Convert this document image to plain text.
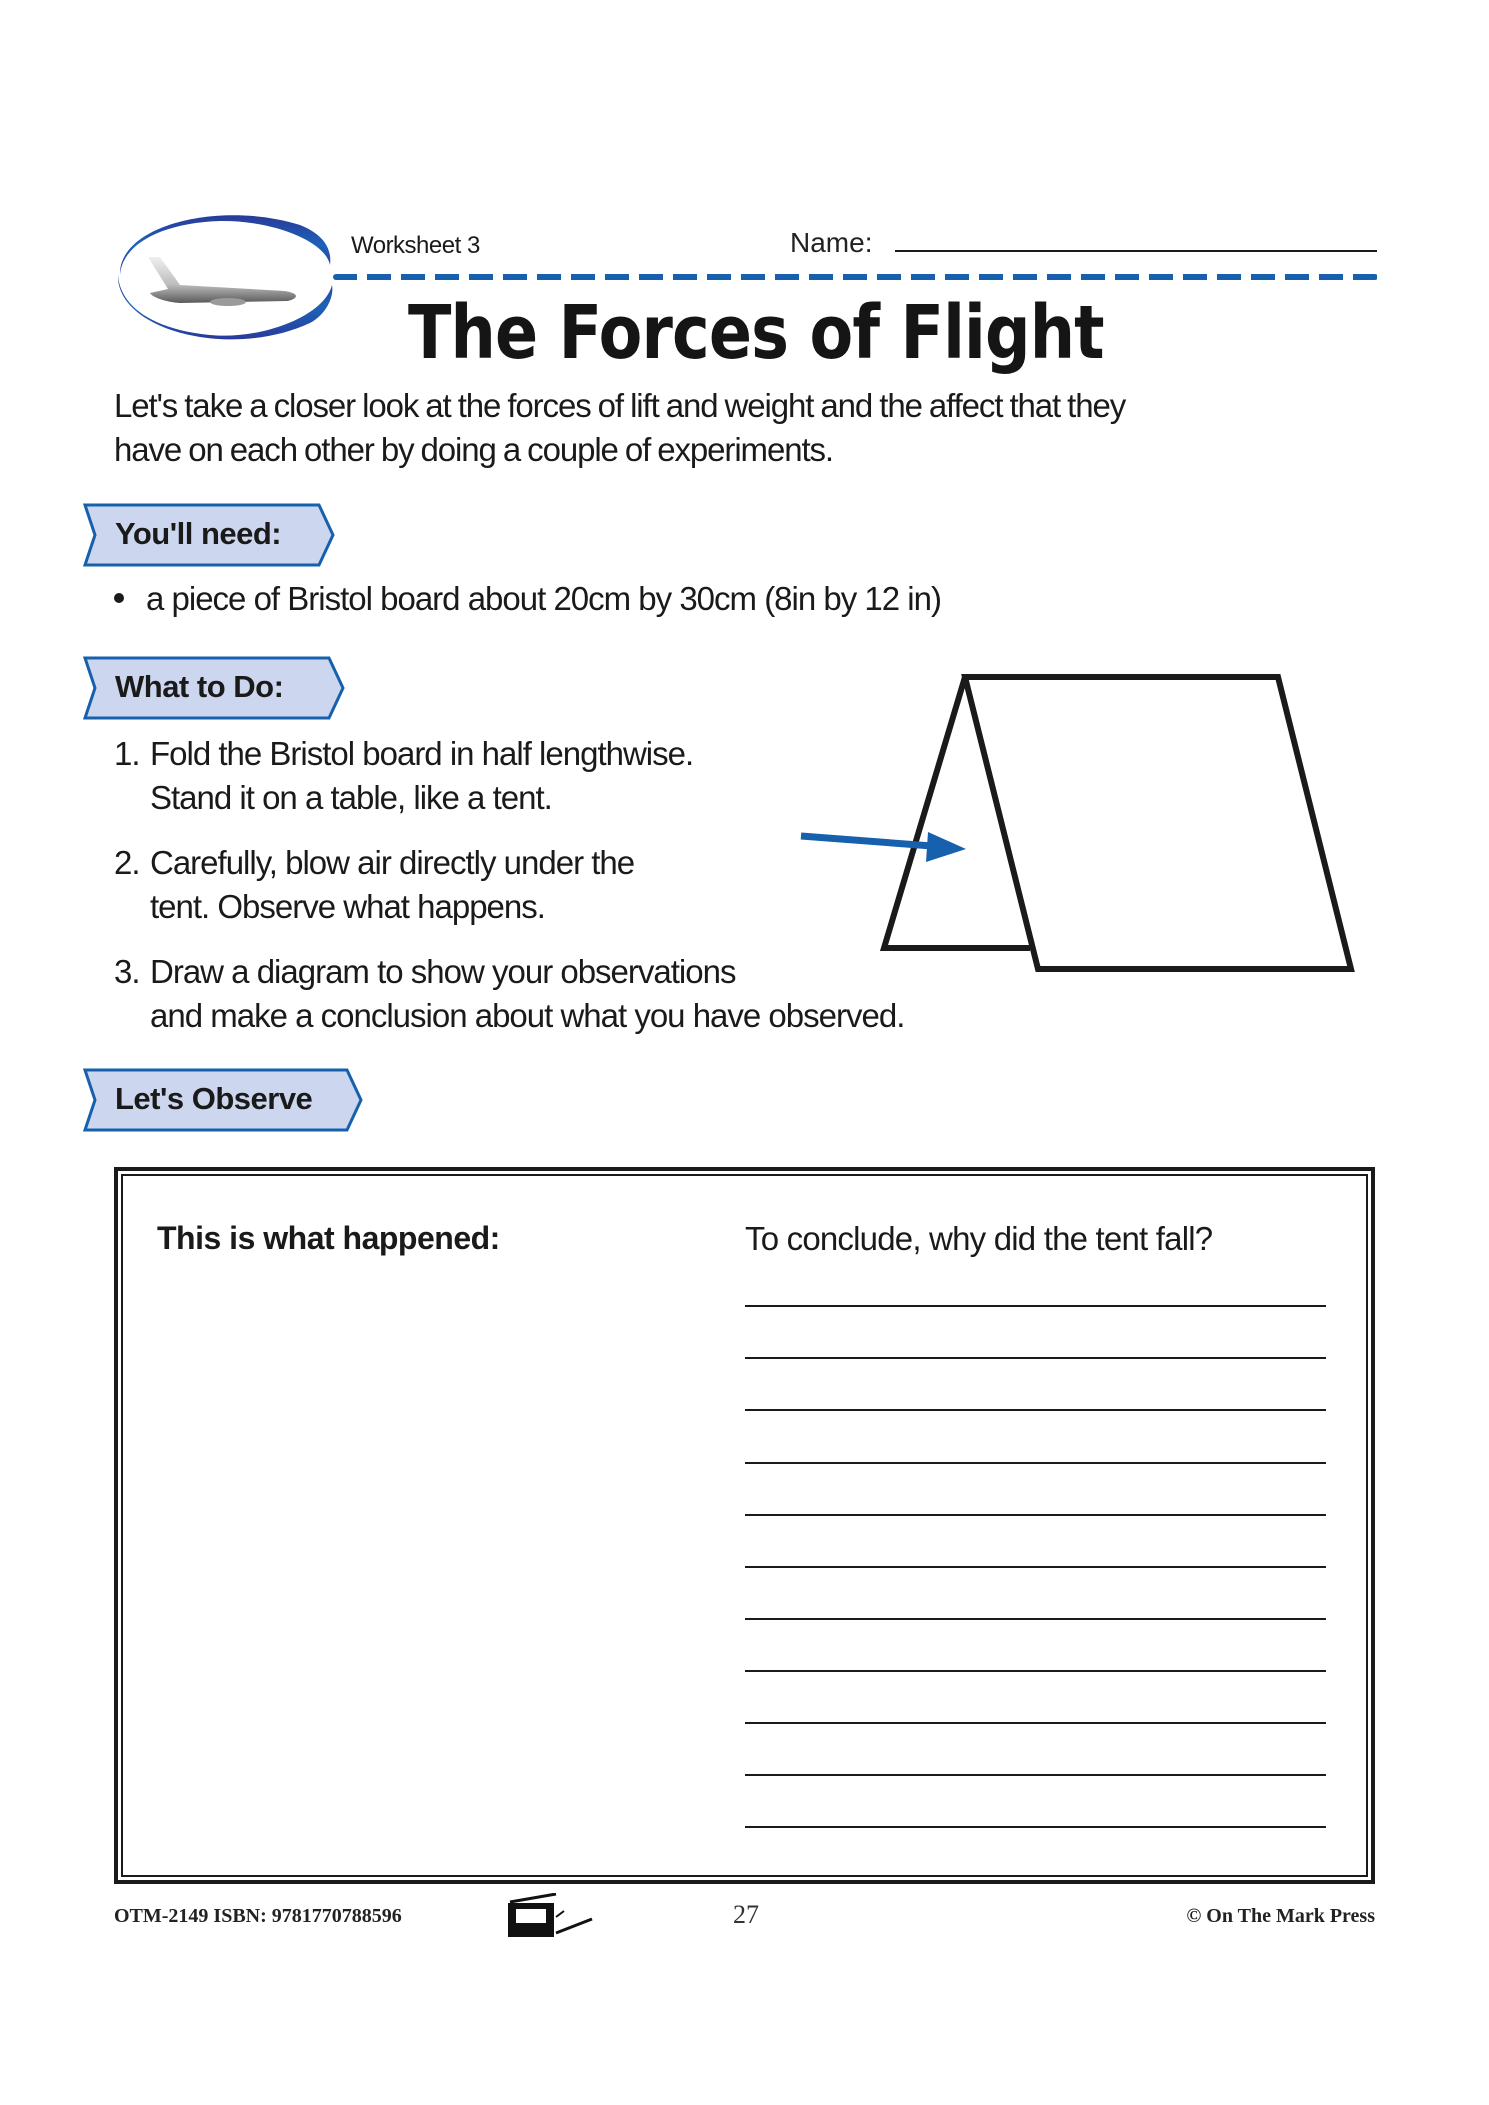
Worksheet 3	Name:
The Forces of Flight
Let's take a closer look at the forces of lift and weight and the affect that they
have on each other by doing a couple of experiments.
You'll need:
a piece of Bristol board about 20cm by 30cm (8in by 12 in)
What to Do:
1. Fold the Bristol board in half lengthwise.
Stand it on a table, like a tent.
2. Carefully, blow air directly under the
tent. Observe what happens.
3. Draw a diagram to show your observations
and make a conclusion about what you have observed.
Let's Observe
This is what happened:	To conclude, why did the tent fall?
OTM-2149 ISBN: 9781770788596	27	© On The Mark Press
